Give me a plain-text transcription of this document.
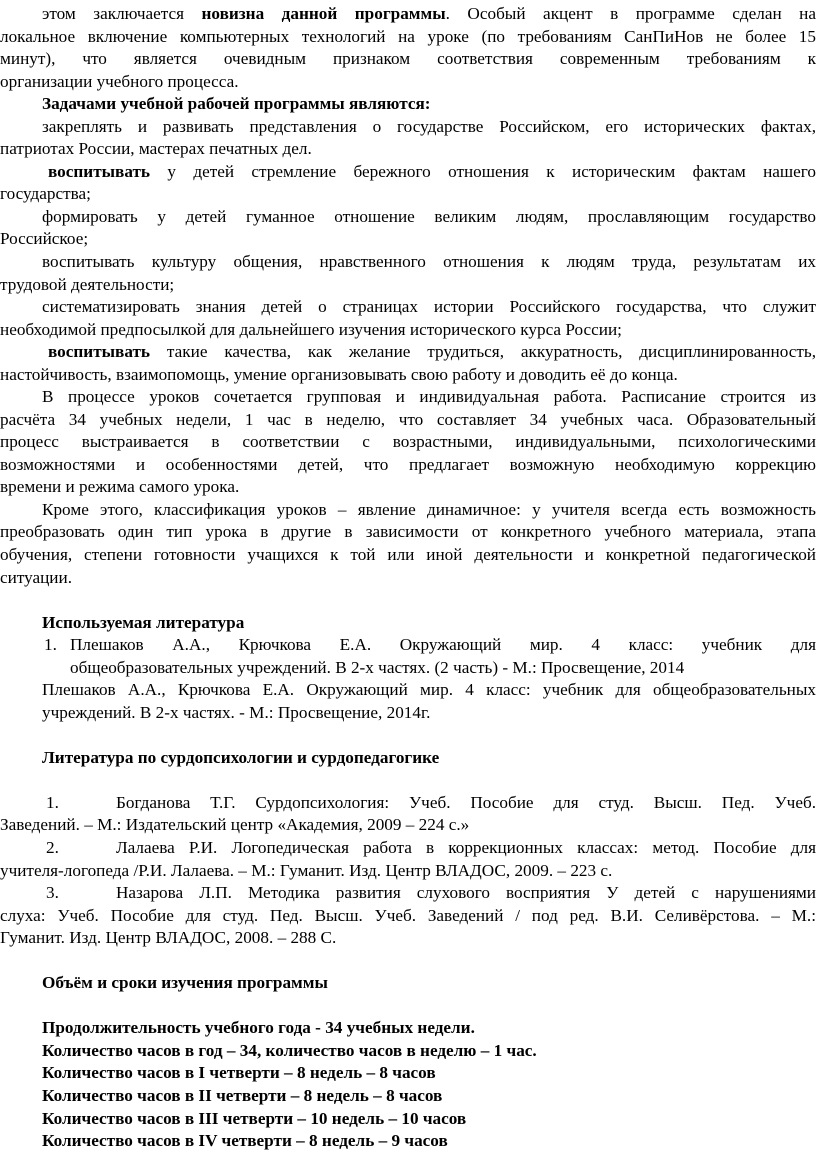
этом заключается новизна данной программы. Особый акцент в программе сделан на
локальное включение компьютерных технологий на уроке (по требованиям СанПиНов не более 15
минут), что является очевидным признаком соответствия современным требованиям к
организации учебного процесса.
Задачами учебной рабочей программы являются:
закреплять и развивать представления о государстве Российском, его исторических фактах,
патриотах России, мастерах печатных дел.
воспитывать у детей стремление бережного отношения к историческим фактам нашего
государства;
формировать у детей гуманное отношение великим людям, прославляющим государство
Российское;
воспитывать культуру общения, нравственного отношения к людям труда, результатам их
трудовой деятельности;
систематизировать знания детей о страницах истории Российского государства, что служит
необходимой предпосылкой для дальнейшего изучения исторического курса России;
воспитывать такие качества, как желание трудиться, аккуратность, дисциплинированность,
настойчивость, взаимопомощь, умение организовывать свою работу и доводить её до конца.
В процессе уроков сочетается групповая и индивидуальная работа. Расписание строится из
расчёта 34 учебных недели, 1 час в неделю, что составляет 34 учебных часа. Образовательный
процесс выстраивается в соответствии с возрастными, индивидуальными, психологическими
возможностями и особенностями детей, что предлагает возможную необходимую коррекцию
времени и режима самого урока.
Кроме этого, классификация уроков – явление динамичное: у учителя всегда есть возможность
преобразовать один тип урока в другие в зависимости от конкретного учебного материала, этапа
обучения, степени готовности учащихся к той или иной деятельности и конкретной педагогической
ситуации.
Используемая литература
1. Плешаков А.А., Крючкова Е.А. Окружающий мир. 4 класс: учебник для
общеобразовательных учреждений. В 2-х частях. (2 часть) - М.: Просвещение, 2014
Плешаков А.А., Крючкова Е.А. Окружающий мир. 4 класс: учебник для общеобразовательных
учреждений. В 2-х частях. - М.: Просвещение, 2014г.
Литература по сурдопсихологии и сурдопедагогике
1.	Богданова Т.Г. Сурдопсихология: Учеб. Пособие для студ. Высш. Пед. Учеб.
Заведений. – М.: Издательский центр «Академия, 2009 – 224 с.»
2.	Лалаева Р.И. Логопедическая работа в коррекционных классах: метод. Пособие для
учителя-логопеда /Р.И. Лалаева. – М.: Гуманит. Изд. Центр ВЛАДОС, 2009. – 223 с.
3.	Назарова Л.П. Методика развития слухового восприятия У детей с нарушениями
слуха: Учеб. Пособие для студ. Пед. Высш. Учеб. Заведений / под ред. В.И. Селивёрстова. – М.:
Гуманит. Изд. Центр ВЛАДОС, 2008. – 288 С.
Объём и сроки изучения программы
Продолжительность учебного года - 34 учебных недели.
Количество часов в год – 34, количество часов в неделю – 1 час.
Количество часов в I четверти – 8 недель – 8 часов
Количество часов в II четверти – 8 недель – 8 часов
Количество часов в III четверти – 10 недель – 10 часов
Количество часов в IV четверти – 8 недель – 9 часов
